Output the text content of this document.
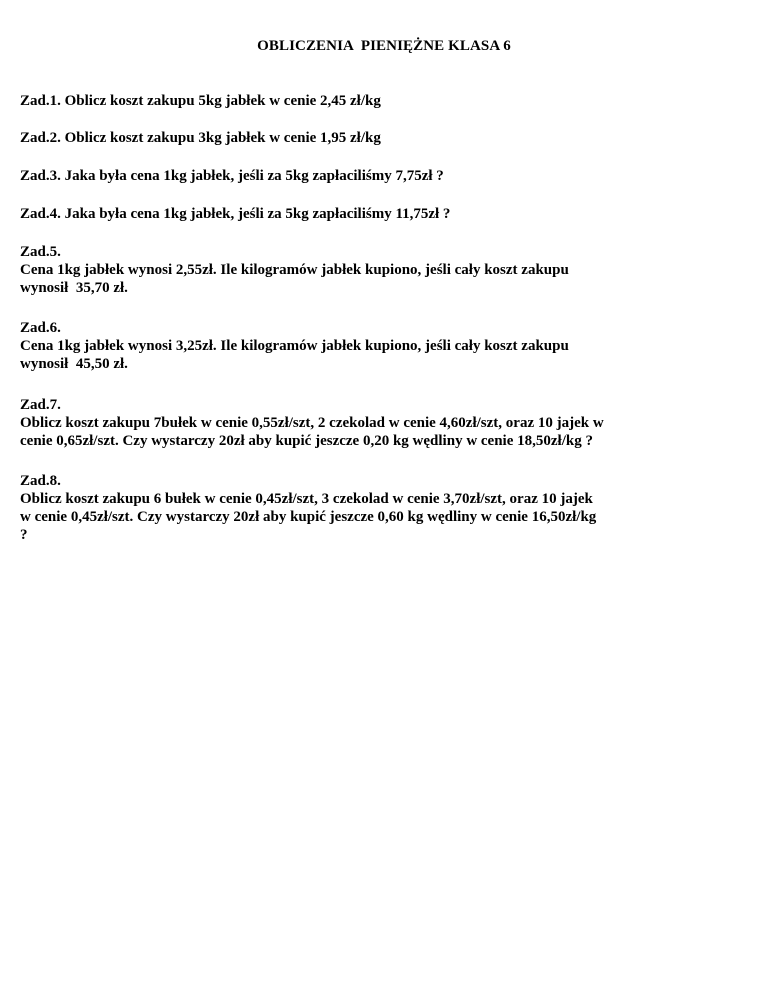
OBLICZENIA  PIENIĘŻNE KLASA 6
Zad.1. Oblicz koszt zakupu 5kg jabłek w cenie 2,45 zł/kg
Zad.2. Oblicz koszt zakupu 3kg jabłek w cenie 1,95 zł/kg
Zad.3. Jaka była cena 1kg jabłek, jeśli za 5kg zapłaciliśmy 7,75zł ?
Zad.4. Jaka była cena 1kg jabłek, jeśli za 5kg zapłaciliśmy 11,75zł ?
Zad.5.
Cena 1kg jabłek wynosi 2,55zł. Ile kilogramów jabłek kupiono, jeśli cały koszt zakupu
wynosił  35,70 zł.
Zad.6.
Cena 1kg jabłek wynosi 3,25zł. Ile kilogramów jabłek kupiono, jeśli cały koszt zakupu
wynosił  45,50 zł.
Zad.7.
Oblicz koszt zakupu 7bułek w cenie 0,55zł/szt, 2 czekolad w cenie 4,60zł/szt, oraz 10 jajek w
cenie 0,65zł/szt. Czy wystarczy 20zł aby kupić jeszcze 0,20 kg wędliny w cenie 18,50zł/kg ?
Zad.8.
Oblicz koszt zakupu 6 bułek w cenie 0,45zł/szt, 3 czekolad w cenie 3,70zł/szt, oraz 10 jajek
w cenie 0,45zł/szt. Czy wystarczy 20zł aby kupić jeszcze 0,60 kg wędliny w cenie 16,50zł/kg
?
